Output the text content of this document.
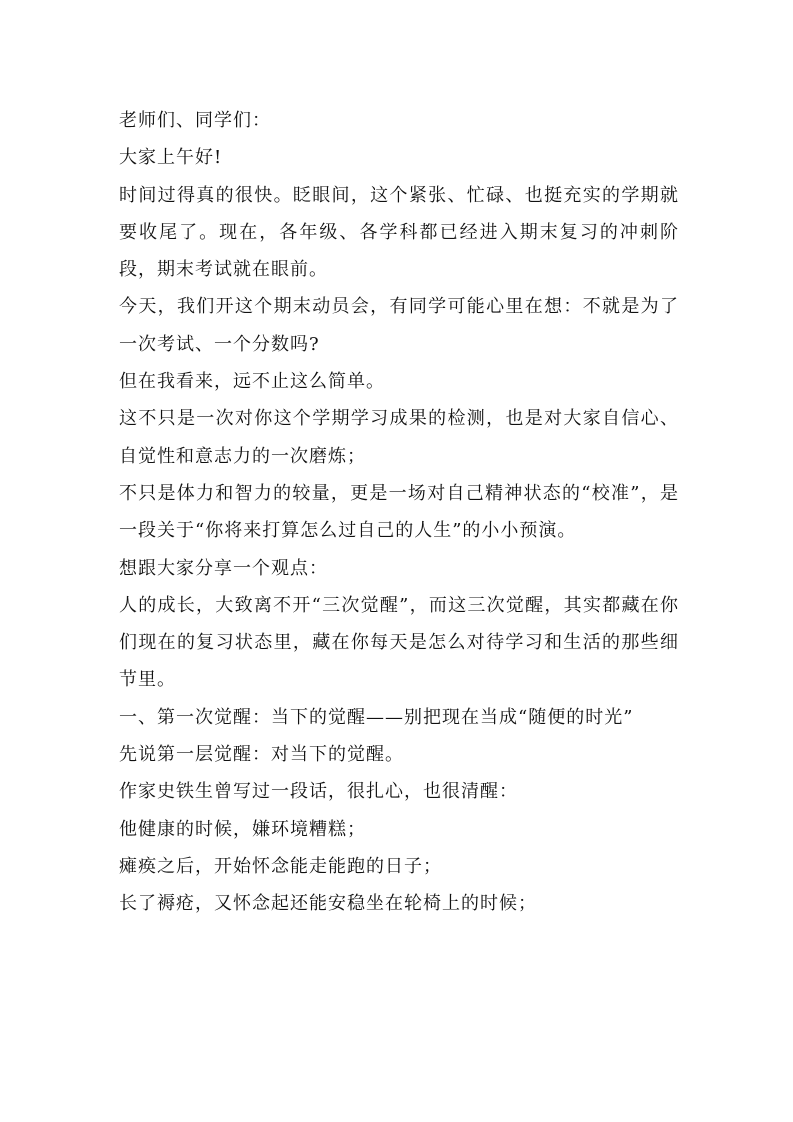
老师们、同学们：

大家上午好!

时间过得真的很快。眨眼间，这个紧张、忙碌、也挺充实的学期就要收尾了。现在，各年级、各学科都已经进入期末复习的冲刺阶段，期末考试就在眼前。

今天，我们开这个期末动员会，有同学可能心里在想：不就是为了一次考试、一个分数吗?

但在我看来，远不止这么简单。

这不只是一次对你这个学期学习成果的检测，也是对大家自信心、自觉性和意志力的一次磨炼；

不只是体力和智力的较量，更是一场对自己精神状态的“校准”，是一段关于“你将来打算怎么过自己的人生”的小小预演。

想跟大家分享一个观点：

人的成长，大致离不开“三次觉醒”，而这三次觉醒，其实都藏在你们现在的复习状态里，藏在你每天是怎么对待学习和生活的那些细节里。

一、第一次觉醒：当下的觉醒——别把现在当成“随便的时光”

先说第一层觉醒：对当下的觉醒。

作家史铁生曾写过一段话，很扎心，也很清醒：

他健康的时候，嫌环境糟糕；

瘫痪之后，开始怀念能走能跑的日子；

长了褥疮，又怀念起还能安稳坐在轮椅上的时候；
